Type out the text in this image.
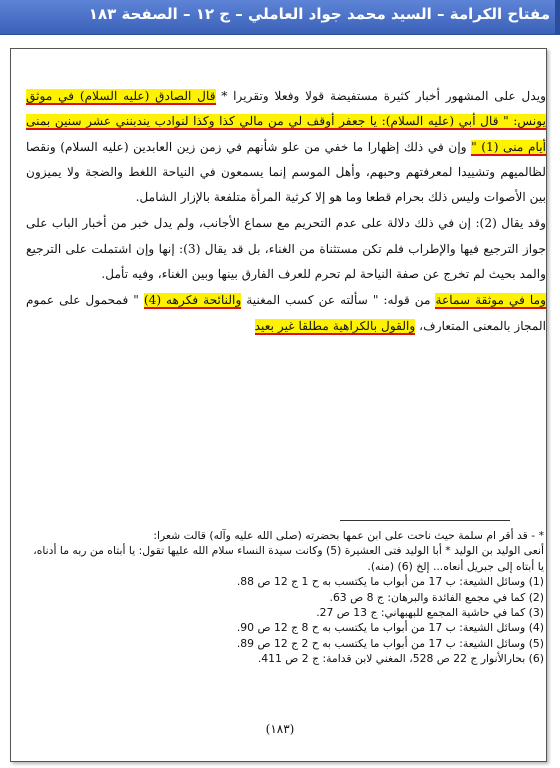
مفتاح الكرامة – السيد محمد جواد العاملي – ج ١٢ – الصفحة ١٨٣

ويدل على المشهور أخبار كثيرة مستفيضة قولا وفعلا وتقريرا * قال الصادق (عليه السلام) في موثق يونس: " قال أبي (عليه السلام): يا جعفر أوقف لي من مالي كذا وكذا لنوادب يندبنني عشر سنين بمنى أيام منى (1) " وإن في ذلك إظهارا ما خفي من علو شأنهم في زمن زين العابدين (عليه السلام) ونقصا لظالميهم وتشييدا لمعرفتهم وحبهم، وأهل الموسم إنما يسمعون في النياحة اللغط والضجة ولا يميزون بين الأصوات وليس ذلك بحرام قطعا وما هو إلا كرثية المرأة متلفعة بالإزار الشامل.

وقد يقال (2): إن في ذلك دلالة على عدم التحريم مع سماع الأجانب، ولم يدل خبر من أخبار الباب على جواز الترجيع فيها والإطراب فلم تكن مستثناة من الغناء، بل قد يقال (3): إنها وإن اشتملت على الترجيع والمد بحيث لم تخرج عن صفة النياحة لم تحرم للعرف الفارق بينها وبين الغناء، وفيه تأمل.

وما في موثقة سماعة من قوله: " سألته عن كسب المغنية والنائحة فكرهه (4) " فمحمول على عموم المجاز بالمعنى المتعارف، والقول بالكراهية مطلقا غير بعيد

* - قد أقر ام سلمة حيث ناحت على ابن عمها بحضرته (صلى الله عليه وآله) قالت شعرا:

أنعى الوليد بن الوليد * أبا الوليد فتى العشيرة (5) وكانت سيدة النساء سلام الله عليها تقول: يا أبتاه من ربه ما أدناه، يا أبتاه إلى جبريل أنعاه... إلخ (6) (منه).

(1) وسائل الشيعة: ب 17 من أبواب ما يكتسب به ح 1 ج 12 ص 88.

(2) كما في مجمع الفائدة والبرهان: ج 8 ص 63.

(3) كما في حاشية المجمع للبهبهاني: ج 13 ص 27.

(4) وسائل الشيعة: ب 17 من أبواب ما يكتسب به ح 8 ج 12 ص 90.

(5) وسائل الشيعة: ب 17 من أبواب ما يكتسب به ح 2 ج 12 ص 89.

(6) بحارالأنوار ج 22 ص 528، المغني لابن قدامة: ج 2 ص 411.

(١٨٣)
